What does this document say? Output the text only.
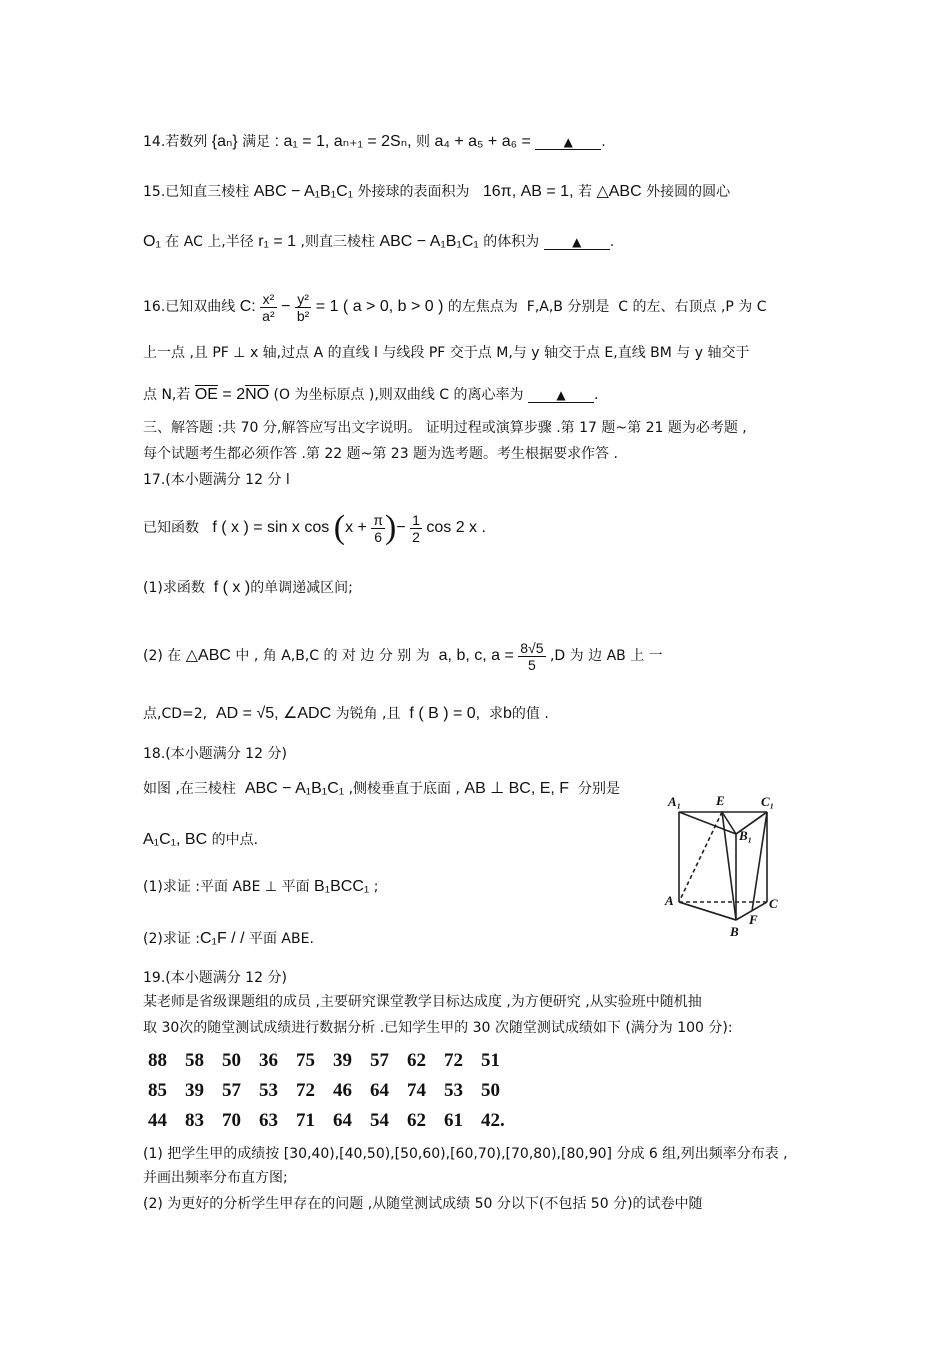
14.若数列 {aₙ} 满足 : a₁ = 1, aₙ₊₁ = 2Sₙ, 则 a₄ + a₅ + a₆ =	▲ .
15.已知直三棱柱 ABC − A₁B₁C₁ 外接球的表面积为 16π, AB = 1, 若 △ABC 外接圆的圆心
O₁ 在 AC 上,半径 r₁ = 1 ,则直三棱柱 ABC − A₁B₁C₁ 的体积为	▲ .
16.已知双曲线 C: $\frac{\text{x²}}{\text{a²}} - \frac{\text{y²}}{\text{b²}} = 1$ ( a > 0, b > 0 ) 的左焦点为 F,A,B 分别是 C 的左、右顶点 ,P 为 C
上一点 ,且 PF ⊥ x 轴,过点 A 的直线 l 与线段 PF 交于点 M,与 y 轴交于点 E,直线 BM 与 y 轴交于
点 N,若 $\overline{OE} = 2\overline{NO}$ (O 为坐标原点 ),则双曲线 C 的离心率为	▲ .
三、解答题 :共 70 分,解答应写出文字说明。 证明过程或演算步骤 .第 17 题~第 21 题为必考题 ,
每个试题考生都必须作答 .第 22 题~第 23 题为选考题。考生根据要求作答 .
17.(本小题满分 12 分 l
已知函数 f ( x ) = sin x $\cos (x + \frac{\pi}{6}$ )− $\frac{1}{2}$ cos 2 x .
(1)求函数 f ( x )的单调递减区间;
(2) 在 △ABC 中 , 角 A,B,C 的 对 边 分 别 为 a, b, c, $a = \frac{8√5}{5} ,D$ 为 边 AB 上 一
点,CD=2, AD = √5, ∠ADC 为锐角 ,且 f ( B ) = 0, 求b的值 .
18.(本小题满分 12 分)
如图 ,在三棱柱 ABC − A₁B₁C₁ ,侧棱垂直于底面 , AB ⊥ BC, E, F 分别是
A₁C₁, BC 的中点.
(1)求证 :平面 ABE ⊥ 平面 B₁BCC₁ ;
(2)求证 :C₁F / / 平面 ABE.
A₁	E	C₁
B₁
A	C
F
B
19.(本小题满分 12 分)
某老师是省级课题组的成员 ,主要研究课堂教学目标达成度 ,为方便研究 ,从实验班中随机抽
取 30次的随堂测试成绩进行数据分析 .已知学生甲的 30 次随堂测试成绩如下 (满分为 100 分):
88 58 50 36 75 39 57 62 72 51
85 39 57 53 72 46 64 74 53 50
44 83 70 63 71 64 54 62 61 42.
(1) 把学生甲的成绩按 [30,40),[40,50),[50,60),[60,70),[70,80),[80,90] 分成 6 组,列出频率分布表 ,
并画出频率分布直方图;
(2) 为更好的分析学生甲存在的问题 ,从随堂测试成绩 50 分以下(不包括 50 分)的试卷中随
